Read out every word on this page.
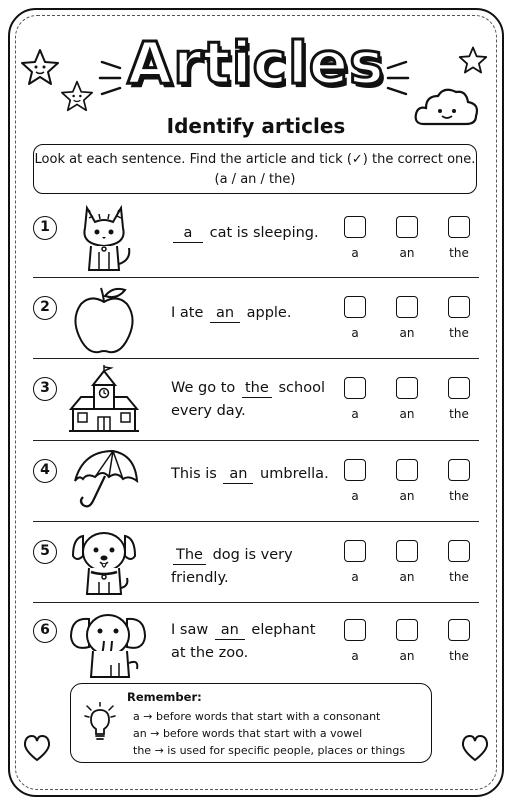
Articles
Identify articles
Look at each sentence. Find the article and tick (✓) the correct one.
(a / an / the)
1	a cat is sleeping.
a	an	the
2	I ate an apple.
a	an	the
3	We go to the school
every day.	a	an	the
4	This is an umbrella.
a	an	the
5	The dog is very friendly.	a	an	the
6	I saw an elephant
at the zoo.	a	an	the
Remember:
a → before words that start with a consonant
an → before words that start with a vowel
the → is used for specific people, places or things
